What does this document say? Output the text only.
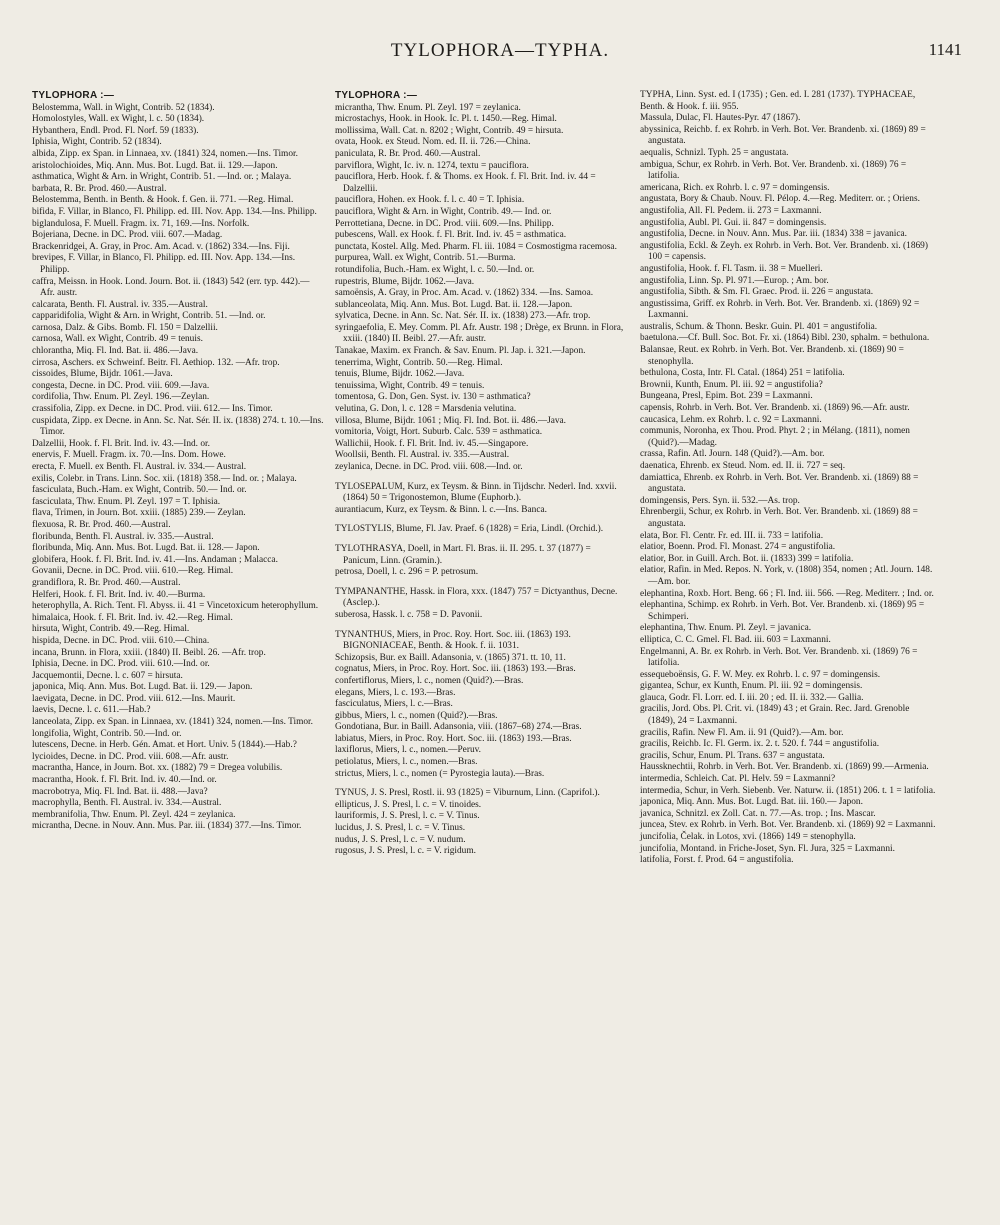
TYLOPHORA—TYPHA.	1141

TYLOPHORA :—

Belostemma, Wall. in Wight, Contrib. 52 (1834).

Homolostyles, Wall. ex Wight, l. c. 50 (1834).

Hybanthera, Endl. Prod. Fl. Norf. 59 (1833).

Iphisia, Wight, Contrib. 52 (1834).

albida, Zipp. ex Span. in Linnaea, xv. (1841) 324, nomen.—Ins. Timor.

aristolochioides, Miq. Ann. Mus. Bot. Lugd. Bat. ii. 129.—Japon.

asthmatica, Wight & Arn. in Wright, Contrib. 51. —Ind. or. ; Malaya.

barbata, R. Br. Prod. 460.—Austral.

Belostemma, Benth. in Benth. & Hook. f. Gen. ii. 771. —Reg. Himal.

bifida, F. Villar, in Blanco, Fl. Philipp. ed. III. Nov. App. 134.—Ins. Philipp.

biglandulosa, F. Muell. Fragm. ix. 71, 169.—Ins. Norfolk.

Bojeriana, Decne. in DC. Prod. viii. 607.—Madag.

Brackenridgei, A. Gray, in Proc. Am. Acad. v. (1862) 334.—Ins. Fiji.

brevipes, F. Villar, in Blanco, Fl. Philipp. ed. III. Nov. App. 134.—Ins. Philipp.

caffra, Meissn. in Hook. Lond. Journ. Bot. ii. (1843) 542 (err. typ. 442).—Afr. austr.

calcarata, Benth. Fl. Austral. iv. 335.—Austral.

capparidifolia, Wight & Arn. in Wright, Contrib. 51. —Ind. or.

carnosa, Dalz. & Gibs. Bomb. Fl. 150 = Dalzellii.

carnosa, Wall. ex Wight, Contrib. 49 = tenuis.

chlorantha, Miq. Fl. Ind. Bat. ii. 486.—Java.

cirrosa, Aschers. ex Schweinf. Beitr. Fl. Aethiop. 132. —Afr. trop.

cissoides, Blume, Bijdr. 1061.—Java.

congesta, Decne. in DC. Prod. viii. 609.—Java.

cordifolia, Thw. Enum. Pl. Zeyl. 196.—Zeylan.

crassifolia, Zipp. ex Decne. in DC. Prod. viii. 612.— Ins. Timor.

cuspidata, Zipp. ex Decne. in Ann. Sc. Nat. Sér. II. ix. (1838) 274. t. 10.—Ins. Timor.

Dalzellii, Hook. f. Fl. Brit. Ind. iv. 43.—Ind. or.

enervis, F. Muell. Fragm. ix. 70.—Ins. Dom. Howe.

erecta, F. Muell. ex Benth. Fl. Austral. iv. 334.— Austral.

exilis, Colebr. in Trans. Linn. Soc. xii. (1818) 358.— Ind. or. ; Malaya.

fasciculata, Buch.-Ham. ex Wight, Contrib. 50.— Ind. or.

fasciculata, Thw. Enum. Pl. Zeyl. 197 = T. Iphisia.

flava, Trimen, in Journ. Bot. xxiii. (1885) 239.— Zeylan.

flexuosa, R. Br. Prod. 460.—Austral.

floribunda, Benth. Fl. Austral. iv. 335.—Austral.

floribunda, Miq. Ann. Mus. Bot. Lugd. Bat. ii. 128.— Japon.

globifera, Hook. f. Fl. Brit. Ind. iv. 41.—Ins. Andaman ; Malacca.

Govanii, Decne. in DC. Prod. viii. 610.—Reg. Himal.

grandiflora, R. Br. Prod. 460.—Austral.

Helferi, Hook. f. Fl. Brit. Ind. iv. 40.—Burma.

heterophylla, A. Rich. Tent. Fl. Abyss. ii. 41 = Vincetoxicum heterophyllum.

himalaica, Hook. f. Fl. Brit. Ind. iv. 42.—Reg. Himal.

hirsuta, Wight, Contrib. 49.—Reg. Himal.

hispida, Decne. in DC. Prod. viii. 610.—China.

incana, Brunn. in Flora, xxiii. (1840) II. Beibl. 26. —Afr. trop.

Iphisia, Decne. in DC. Prod. viii. 610.—Ind. or.

Jacquemontii, Decne. l. c. 607 = hirsuta.

japonica, Miq. Ann. Mus. Bot. Lugd. Bat. ii. 129.— Japon.

laevigata, Decne. in DC. Prod. viii. 612.—Ins. Maurit.

laevis, Decne. l. c. 611.—Hab.?

lanceolata, Zipp. ex Span. in Linnaea, xv. (1841) 324, nomen.—Ins. Timor.

longifolia, Wight, Contrib. 50.—Ind. or.

lutescens, Decne. in Herb. Gén. Amat. et Hort. Univ. 5 (1844).—Hab.?

lycioides, Decne. in DC. Prod. viii. 608.—Afr. austr.

macrantha, Hance, in Journ. Bot. xx. (1882) 79 = Dregea volubilis.

macrantha, Hook. f. Fl. Brit. Ind. iv. 40.—Ind. or.

macrobotrya, Miq. Fl. Ind. Bat. ii. 488.—Java?

macrophylla, Benth. Fl. Austral. iv. 334.—Austral.

membranifolia, Thw. Enum. Pl. Zeyl. 424 = zeylanica.

micrantha, Decne. in Nouv. Ann. Mus. Par. iii. (1834) 377.—Ins. Timor.

TYLOPHORA :—

micrantha, Thw. Enum. Pl. Zeyl. 197 = zeylanica.

microstachys, Hook. in Hook. Ic. Pl. t. 1450.—Reg. Himal.

mollissima, Wall. Cat. n. 8202 ; Wight, Contrib. 49 = hirsuta.

ovata, Hook. ex Steud. Nom. ed. II. ii. 726.—China.

paniculata, R. Br. Prod. 460.—Austral.

parviflora, Wight, Ic. iv. n. 1274, textu = pauciflora.

pauciflora, Herb. Hook. f. & Thoms. ex Hook. f. Fl. Brit. Ind. iv. 44 = Dalzellii.

pauciflora, Hohen. ex Hook. f. l. c. 40 = T. Iphisia.

pauciflora, Wight & Arn. in Wight, Contrib. 49.— Ind. or.

Perrottetiana, Decne. in DC. Prod. viii. 609.—Ins. Philipp.

pubescens, Wall. ex Hook. f. Fl. Brit. Ind. iv. 45 = asthmatica.

punctata, Kostel. Allg. Med. Pharm. Fl. iii. 1084 = Cosmostigma racemosa.

purpurea, Wall. ex Wight, Contrib. 51.—Burma.

rotundifolia, Buch.-Ham. ex Wight, l. c. 50.—Ind. or.

rupestris, Blume, Bijdr. 1062.—Java.

samoënsis, A. Gray, in Proc. Am. Acad. v. (1862) 334. —Ins. Samoa.

sublanceolata, Miq. Ann. Mus. Bot. Lugd. Bat. ii. 128.—Japon.

sylvatica, Decne. in Ann. Sc. Nat. Sér. II. ix. (1838) 273.—Afr. trop.

syringaefolia, E. Mey. Comm. Pl. Afr. Austr. 198 ; Drège, ex Brunn. in Flora, xxiii. (1840) II. Beibl. 27.—Afr. austr.

Tanakae, Maxim. ex Franch. & Sav. Enum. Pl. Jap. i. 321.—Japon.

tenerrima, Wight, Contrib. 50.—Reg. Himal.

tenuis, Blume, Bijdr. 1062.—Java.

tenuissima, Wight, Contrib. 49 = tenuis.

tomentosa, G. Don, Gen. Syst. iv. 130 = asthmatica?

velutina, G. Don, l. c. 128 = Marsdenia velutina.

villosa, Blume, Bijdr. 1061 ; Miq. Fl. Ind. Bot. ii. 486.—Java.

vomitoria, Voigt, Hort. Suburb. Calc. 539 = asthmatica.

Wallichii, Hook. f. Fl. Brit. Ind. iv. 45.—Singapore.

Woollsii, Benth. Fl. Austral. iv. 335.—Austral.

zeylanica, Decne. in DC. Prod. viii. 608.—Ind. or.

TYLOSEPALUM, Kurz, ex Teysm. & Binn. in Tijdschr. Nederl. Ind. xxvii. (1864) 50 = Trigonostemon, Blume (Euphorb.).

aurantiacum, Kurz, ex Teysm. & Binn. l. c.—Ins. Banca.

TYLOSTYLIS, Blume, Fl. Jav. Praef. 6 (1828) = Eria, Lindl. (Orchid.).

TYLOTHRASYA, Doell, in Mart. Fl. Bras. ii. II. 295. t. 37 (1877) = Panicum, Linn. (Gramin.).

petrosa, Doell, l. c. 296 = P. petrosum.

TYMPANANTHE, Hassk. in Flora, xxx. (1847) 757 = Dictyanthus, Decne. (Asclep.).

suberosa, Hassk. l. c. 758 = D. Pavonii.

TYNANTHUS, Miers, in Proc. Roy. Hort. Soc. iii. (1863) 193. BIGNONIACEAE, Benth. & Hook. f. ii. 1031.

Schizopsis, Bur. ex Baill. Adansonia, v. (1865) 371. tt. 10, 11.

cognatus, Miers, in Proc. Roy. Hort. Soc. iii. (1863) 193.—Bras.

confertiflorus, Miers, l. c., nomen (Quid?).—Bras.

elegans, Miers, l. c. 193.—Bras.

fasciculatus, Miers, l. c.—Bras.

gibbus, Miers, l. c., nomen (Quid?).—Bras.

Gondotiana, Bur. in Baill. Adansonia, viii. (1867–68) 274.—Bras.

labiatus, Miers, in Proc. Roy. Hort. Soc. iii. (1863) 193.—Bras.

laxiflorus, Miers, l. c., nomen.—Peruv.

petiolatus, Miers, l. c., nomen.—Bras.

strictus, Miers, l. c., nomen (= Pyrostegia lauta).—Bras.

TYNUS, J. S. Presl, Rostl. ii. 93 (1825) = Viburnum, Linn. (Caprifol.).

ellipticus, J. S. Presl, l. c. = V. tinoides.

lauriformis, J. S. Presl, l. c. = V. Tinus.

lucidus, J. S. Presl, l. c. = V. Tinus.

nudus, J. S. Presl, l. c. = V. nudum.

rugosus, J. S. Presl, l. c. = V. rigidum.

TYPHA, Linn. Syst. ed. I (1735) ; Gen. ed. I. 281 (1737). TYPHACEAE, Benth. & Hook. f. iii. 955.

Massula, Dulac, Fl. Hautes-Pyr. 47 (1867).

abyssinica, Reichb. f. ex Rohrb. in Verh. Bot. Ver. Brandenb. xi. (1869) 89 = angustata.

aequalis, Schnizl. Typh. 25 = angustata.

ambigua, Schur, ex Rohrb. in Verh. Bot. Ver. Brandenb. xi. (1869) 76 = latifolia.

americana, Rich. ex Rohrb. l. c. 97 = domingensis.

angustata, Bory & Chaub. Nouv. Fl. Pélop. 4.—Reg. Mediterr. or. ; Oriens.

angustifolia, All. Fl. Pedem. ii. 273 = Laxmanni.

angustifolia, Aubl. Pl. Gui. ii. 847 = domingensis.

angustifolia, Decne. in Nouv. Ann. Mus. Par. iii. (1834) 338 = javanica.

angustifolia, Eckl. & Zeyh. ex Rohrb. in Verh. Bot. Ver. Brandenb. xi. (1869) 100 = capensis.

angustifolia, Hook. f. Fl. Tasm. ii. 38 = Muelleri.

angustifolia, Linn. Sp. Pl. 971.—Europ. ; Am. bor.

angustifolia, Sibth. & Sm. Fl. Graec. Prod. ii. 226 = angustata.

angustissima, Griff. ex Rohrb. in Verh. Bot. Ver. Brandenb. xi. (1869) 92 = Laxmanni.

australis, Schum. & Thonn. Beskr. Guin. Pl. 401 = angustifolia.

baetulona.—Cf. Bull. Soc. Bot. Fr. xi. (1864) Bibl. 230, sphalm. = bethulona.

Balansae, Reut. ex Rohrb. in Verh. Bot. Ver. Brandenb. xi. (1869) 90 = stenophylla.

bethulona, Costa, Intr. Fl. Catal. (1864) 251 = latifolia.

Brownii, Kunth, Enum. Pl. iii. 92 = angustifolia?

Bungeana, Presl, Epim. Bot. 239 = Laxmanni.

capensis, Rohrb. in Verh. Bot. Ver. Brandenb. xi. (1869) 96.—Afr. austr.

caucasica, Lehm. ex Rohrb. l. c. 92 = Laxmanni.

communis, Noronha, ex Thou. Prod. Phyt. 2 ; in Mélang. (1811), nomen (Quid?).—Madag.

crassa, Rafin. Atl. Journ. 148 (Quid?).—Am. bor.

daenatica, Ehrenb. ex Steud. Nom. ed. II. ii. 727 = seq.

damiattica, Ehrenb. ex Rohrb. in Verh. Bot. Ver. Brandenb. xi. (1869) 88 = angustata.

domingensis, Pers. Syn. ii. 532.—As. trop.

Ehrenbergii, Schur, ex Rohrb. in Verh. Bot. Ver. Brandenb. xi. (1869) 88 = angustata.

elata, Bor. Fl. Centr. Fr. ed. III. ii. 733 = latifolia.

elatior, Boenn. Prod. Fl. Monast. 274 = angustifolia.

elatior, Bor. in Guill. Arch. Bot. ii. (1833) 399 = latifolia.

elatior, Rafin. in Med. Repos. N. York, v. (1808) 354, nomen ; Atl. Journ. 148.—Am. bor.

elephantina, Roxb. Hort. Beng. 66 ; Fl. Ind. iii. 566. —Reg. Mediterr. ; Ind. or.

elephantina, Schimp. ex Rohrb. in Verh. Bot. Ver. Brandenb. xi. (1869) 95 = Schimperi.

elephantina, Thw. Enum. Pl. Zeyl. = javanica.

elliptica, C. C. Gmel. Fl. Bad. iii. 603 = Laxmanni.

Engelmanni, A. Br. ex Rohrb. in Verh. Bot. Ver. Brandenb. xi. (1869) 76 = latifolia.

essequeboënsis, G. F. W. Mey. ex Rohrb. l. c. 97 = domingensis.

gigantea, Schur, ex Kunth, Enum. Pl. iii. 92 = domingensis.

glauca, Godr. Fl. Lorr. ed. I. iii. 20 ; ed. II. ii. 332.— Gallia.

gracilis, Jord. Obs. Pl. Crit. vi. (1849) 43 ; et Grain. Rec. Jard. Grenoble (1849), 24 = Laxmanni.

gracilis, Rafin. New Fl. Am. ii. 91 (Quid?).—Am. bor.

gracilis, Reichb. Ic. Fl. Germ. ix. 2. t. 520. f. 744 = angustifolia.

gracilis, Schur, Enum. Pl. Trans. 637 = angustata.

Haussknechtii, Rohrb. in Verh. Bot. Ver. Brandenb. xi. (1869) 99.—Armenia.

intermedia, Schleich. Cat. Pl. Helv. 59 = Laxmanni?

intermedia, Schur, in Verh. Siebenb. Ver. Naturw. ii. (1851) 206. t. 1 = latifolia.

japonica, Miq. Ann. Mus. Bot. Lugd. Bat. iii. 160.— Japon.

javanica, Schnitzl. ex Zoll. Cat. n. 77.—As. trop. ; Ins. Mascar.

juncea, Stev. ex Rohrb. in Verh. Bot. Ver. Brandenb. xi. (1869) 92 = Laxmanni.

juncifolia, Čelak. in Lotos, xvi. (1866) 149 = stenophylla.

juncifolia, Montand. in Friche-Joset, Syn. Fl. Jura, 325 = Laxmanni.

latifolia, Forst. f. Prod. 64 = angustifolia.
